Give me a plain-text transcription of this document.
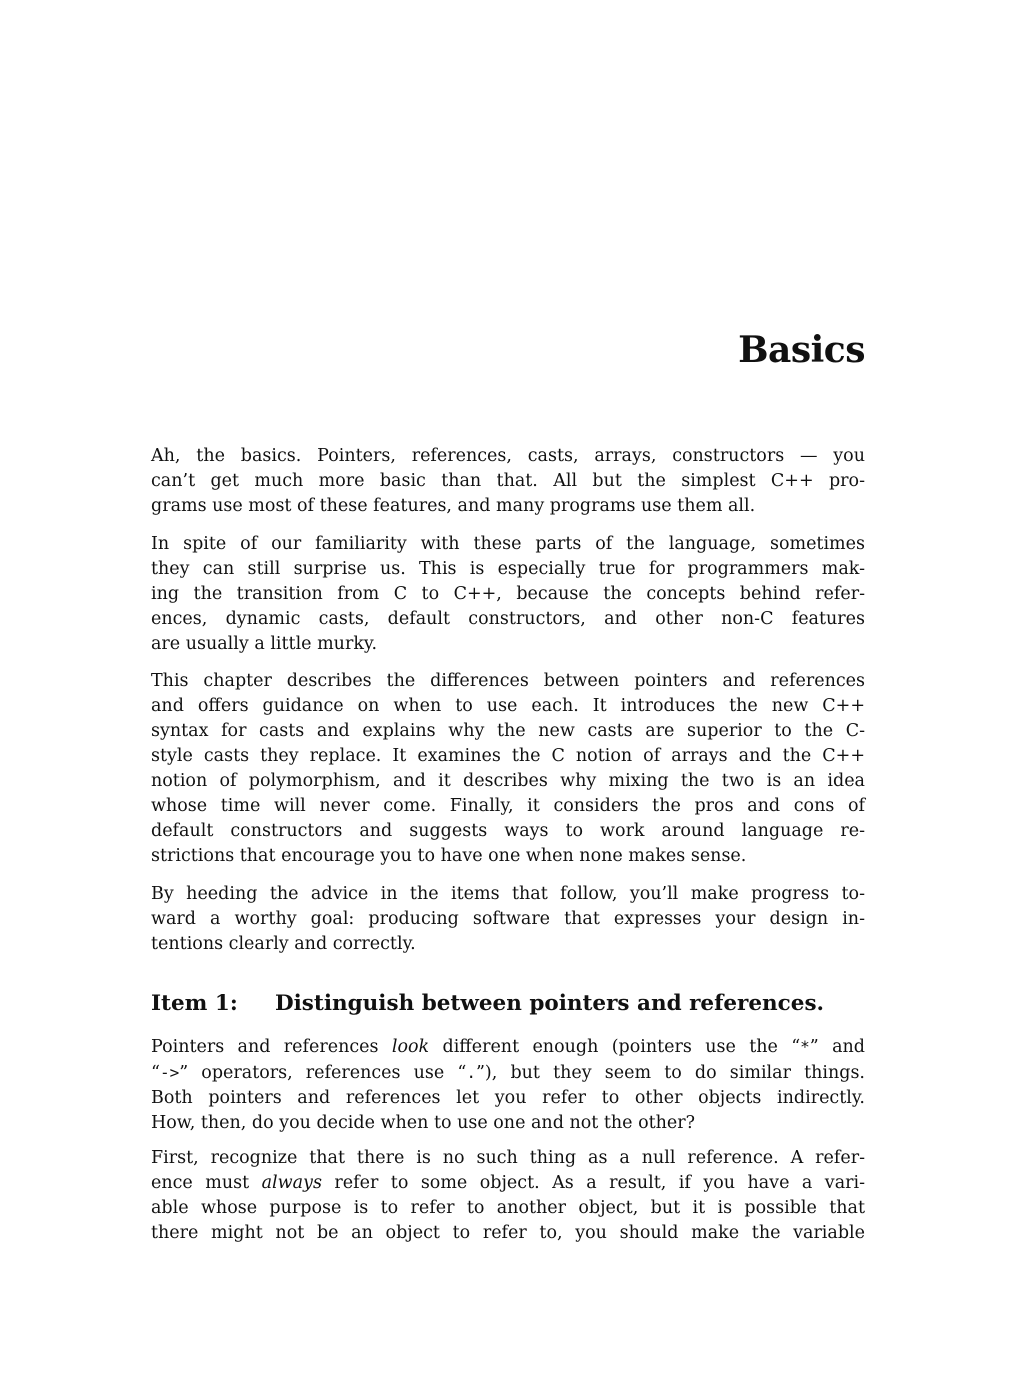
Basics

Ah, the basics. Pointers, references, casts, arrays, constructors — you
can’t get much more basic than that. All but the simplest C++ pro-
grams use most of these features, and many programs use them all.

In spite of our familiarity with these parts of the language, sometimes
they can still surprise us. This is especially true for programmers mak-
ing the transition from C to C++, because the concepts behind refer-
ences, dynamic casts, default constructors, and other non-C features
are usually a little murky.

This chapter describes the differences between pointers and references
and offers guidance on when to use each. It introduces the new C++
syntax for casts and explains why the new casts are superior to the C-
style casts they replace. It examines the C notion of arrays and the C++
notion of polymorphism, and it describes why mixing the two is an idea
whose time will never come. Finally, it considers the pros and cons of
default constructors and suggests ways to work around language re-
strictions that encourage you to have one when none makes sense.

By heeding the advice in the items that follow, you’ll make progress to-
ward a worthy goal: producing software that expresses your design in-
tentions clearly and correctly.

Item 1: Distinguish between pointers and references.

Pointers and references look different enough (pointers use the “*” and
“->” operators, references use “.”), but they seem to do similar things.
Both pointers and references let you refer to other objects indirectly.
How, then, do you decide when to use one and not the other?

First, recognize that there is no such thing as a null reference. A refer-
ence must always refer to some object. As a result, if you have a vari-
able whose purpose is to refer to another object, but it is possible that
there might not be an object to refer to, you should make the variable
